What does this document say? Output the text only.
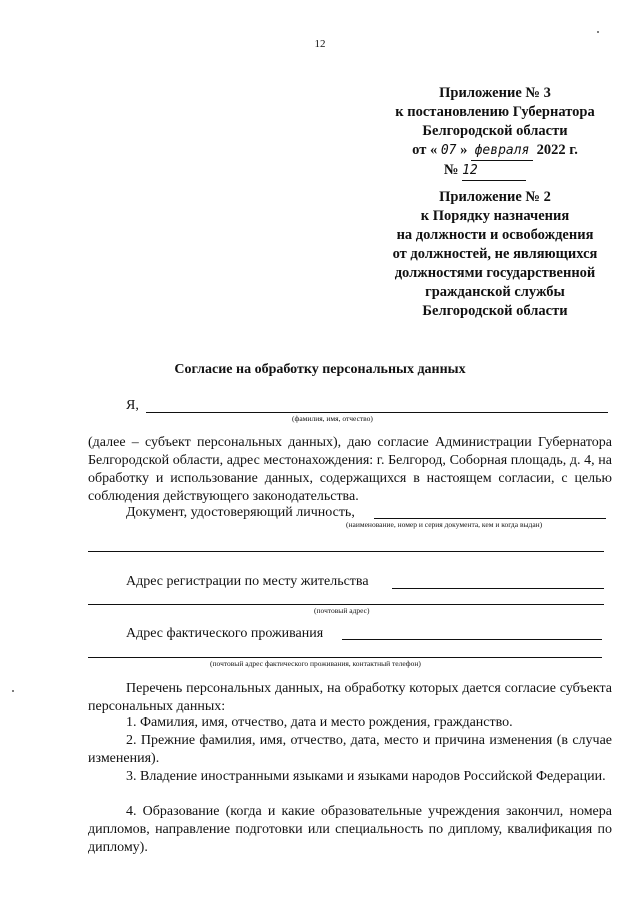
12
Приложение № 3
к постановлению Губернатора
Белгородской области
от « 07 » февраля 2022 г.
№ 12
Приложение № 2
к Порядку назначения
на должности и освобождения
от должностей, не являющихся
должностями государственной
гражданской службы
Белгородской области
Согласие на обработку персональных данных
Я,
(фамилия, имя, отчество)
(далее – субъект персональных данных), даю согласие Администрации Губернатора Белгородской области, адрес местонахождения: г. Белгород, Соборная площадь, д. 4, на обработку и использование данных, содержащихся в настоящем согласии, с целью соблюдения действующего законодательства.
Документ, удостоверяющий личность,
(наименование, номер и серия документа, кем и когда выдан)
Адрес регистрации по месту жительства
(почтовый адрес)
Адрес фактического проживания
(почтовый адрес фактического проживания, контактный телефон)
Перечень персональных данных, на обработку которых дается согласие субъекта персональных данных:
1. Фамилия, имя, отчество, дата и место рождения, гражданство.
2. Прежние фамилия, имя, отчество, дата, место и причина изменения (в случае изменения).
3. Владение иностранными языками и языками народов Российской Федерации.
4. Образование (когда и какие образовательные учреждения закончил, номера дипломов, направление подготовки или специальность по диплому, квалификация по диплому).
